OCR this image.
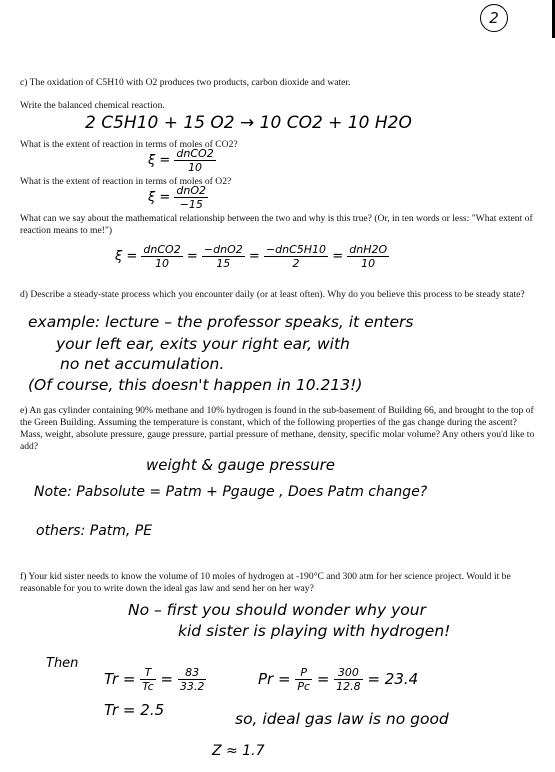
2
c) The oxidation of C5H10 with O2 produces two products, carbon dioxide and water.
Write the balanced chemical reaction.
2 C5H10 + 15 O2 → 10 CO2 + 10 H2O
What is the extent of reaction in terms of moles of CO2?
$\xi = \frac{\text{dnCO2}}{10}$
What is the extent of reaction in terms of moles of O2?
$\xi = \frac{\text{dnO2}}{-15}$
What can we say about the mathematical relationship between the two and why is this true? (Or, in ten words or less: "What extent of reaction means to me!")
$\xi = \frac{\text{dnCO2}}{10} = \frac{\text{−dnO2}}{15} = \frac{\text{−dnC5H10}}{2} = \frac{\text{dnH2O}}{10}$
d) Describe a steady-state process which you encounter daily (or at least often). Why do you believe this process to be steady state?
example: lecture – the professor speaks, it enters
your left ear, exits your right ear, with
no net accumulation.
(Of course, this doesn't happen in 10.213!)
e) An gas cylinder containing 90% methane and 10% hydrogen is found in the sub-basement of Building 66, and brought to the top of the Green Building. Assuming the temperature is constant, which of the following properties of the gas change during the ascent? Mass, weight, absolute pressure, gauge pressure, partial pressure of methane, density, specific molar volume? Any others you'd like to add?
weight & gauge pressure
Note: Pabsolute = Patm + Pgauge , Does Patm change?
others: Patm, PE
f) Your kid sister needs to know the volume of 10 moles of hydrogen at -190°C and 300 atm for her science project. Would it be reasonable for you to write down the ideal gas law and send her on her way?
No – first you should wonder why your
kid sister is playing with hydrogen!
Then
$Tr = \frac{T}{Tc} = \frac{83}{33.2}$
Tr = 2.5
$Pr = \frac{P}{Pc} = \frac{300}{12.8} = 23.4$
so, ideal gas law is no good
Z ≈ 1.7
